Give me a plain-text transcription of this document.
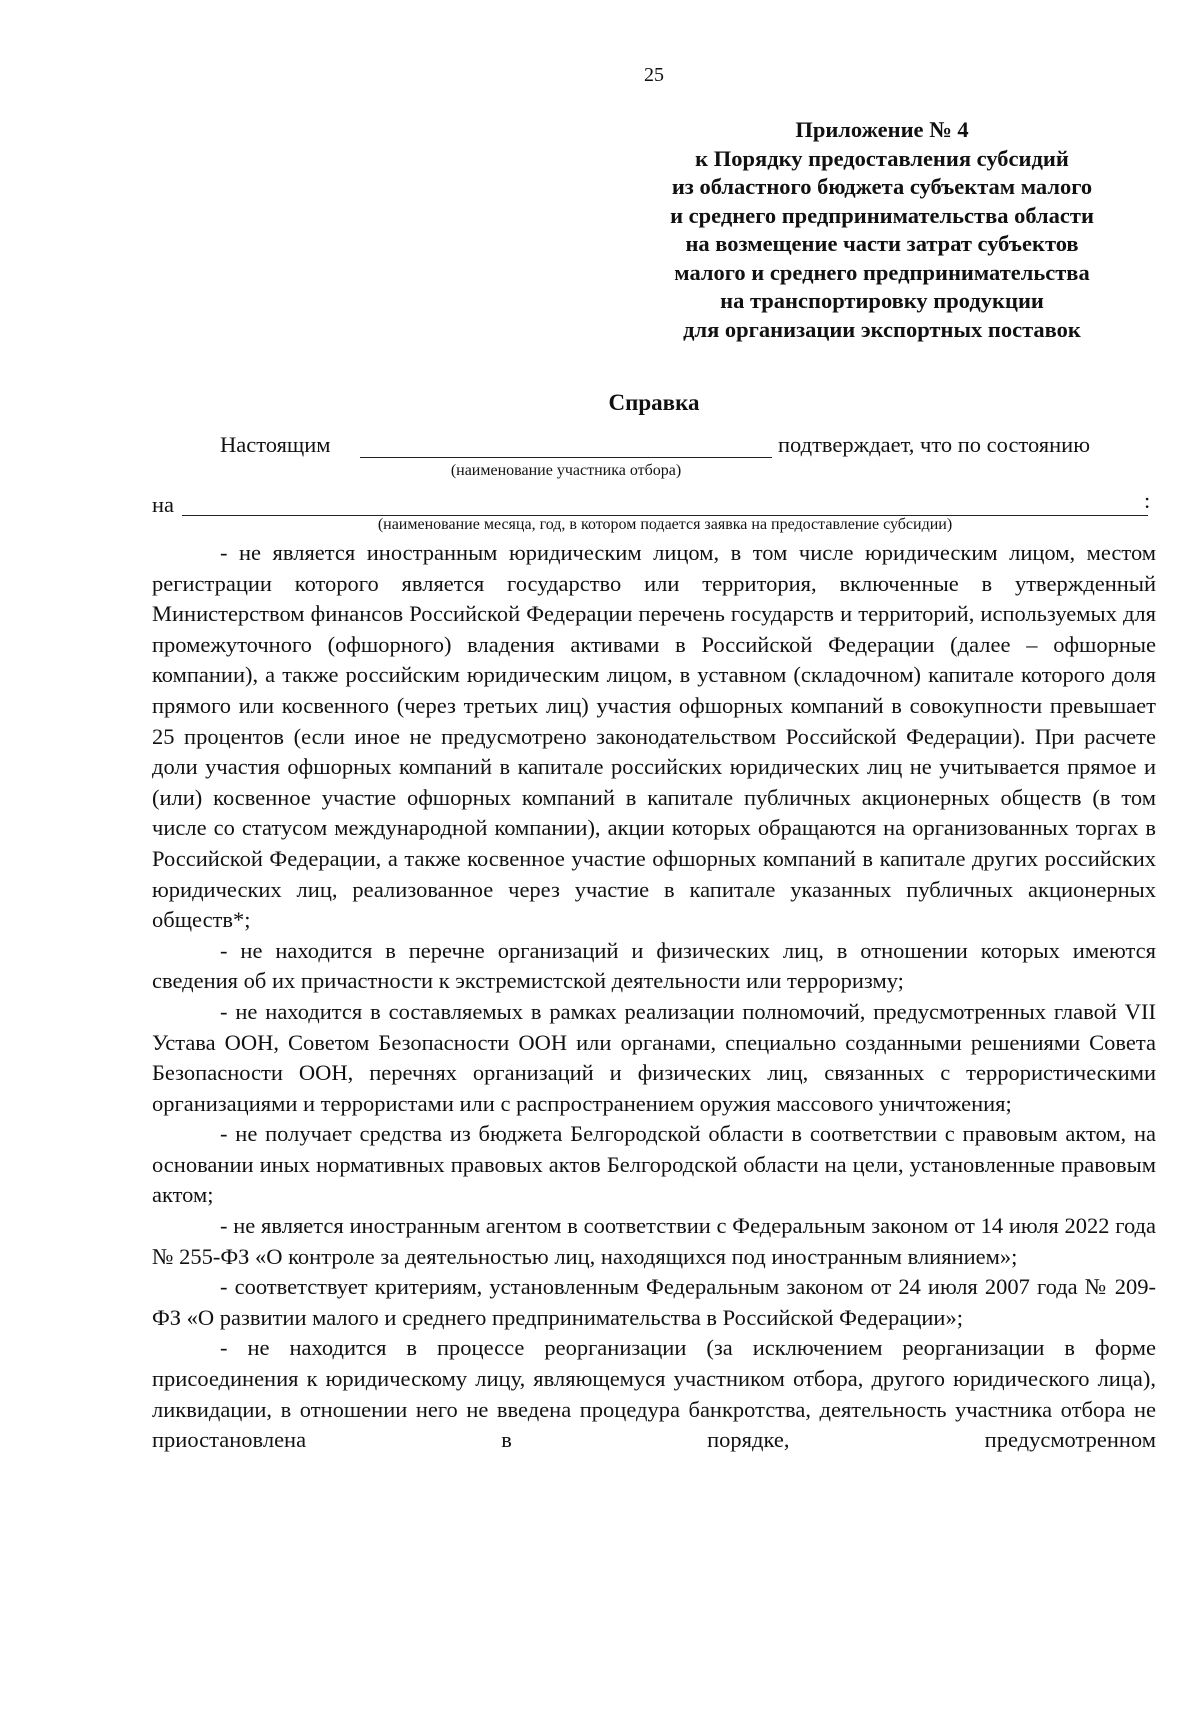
25
Приложение № 4
к Порядку предоставления субсидий
из областного бюджета субъектам малого
и среднего предпринимательства области
на возмещение части затрат субъектов
малого и среднего предпринимательства
на транспортировку продукции
для организации экспортных поставок
Справка
Настоящим	подтверждает, что по состоянию
(наименование участника отбора)
на	:
(наименование месяца, год, в котором подается заявка на предоставление субсидии)

- не является иностранным юридическим лицом, в том числе юридическим лицом, местом регистрации которого является государство или территория, включенные в утвержденный Министерством финансов Российской Федерации перечень государств и территорий, используемых для промежуточного (офшорного) владения активами в Российской Федерации (далее – офшорные компании), а также российским юридическим лицом, в уставном (складочном) капитале которого доля прямого или косвенного (через третьих лиц) участия офшорных компаний в совокупности превышает 25 процентов (если иное не предусмотрено законодательством Российской Федерации). При расчете доли участия офшорных компаний в капитале российских юридических лиц не учитывается прямое и (или) косвенное участие офшорных компаний в капитале публичных акционерных обществ (в том числе со статусом международной компании), акции которых обращаются на организованных торгах в Российской Федерации, а также косвенное участие офшорных компаний в капитале других российских юридических лиц, реализованное через участие в капитале указанных публичных акционерных обществ*;

- не находится в перечне организаций и физических лиц, в отношении которых имеются сведения об их причастности к экстремистской деятельности или терроризму;

- не находится в составляемых в рамках реализации полномочий, предусмотренных главой VII Устава ООН, Советом Безопасности ООН или органами, специально созданными решениями Совета Безопасности ООН, перечнях организаций и физических лиц, связанных с террористическими организациями и террористами или с распространением оружия массового уничтожения;

- не получает средства из бюджета Белгородской области в соответствии с правовым актом, на основании иных нормативных правовых актов Белгородской области на цели, установленные правовым актом;

- не является иностранным агентом в соответствии с Федеральным законом от 14 июля 2022 года № 255-ФЗ «О контроле за деятельностью лиц, находящихся под иностранным влиянием»;

- соответствует критериям, установленным Федеральным законом от 24 июля 2007 года № 209-ФЗ «О развитии малого и среднего предпринимательства в Российской Федерации»;

- не находится в процессе реорганизации (за исключением реорганизации в форме присоединения к юридическому лицу, являющемуся участником отбора, другого юридического лица), ликвидации, в отношении него не введена процедура банкротства, деятельность участника отбора не приостановлена в порядке, предусмотренном
